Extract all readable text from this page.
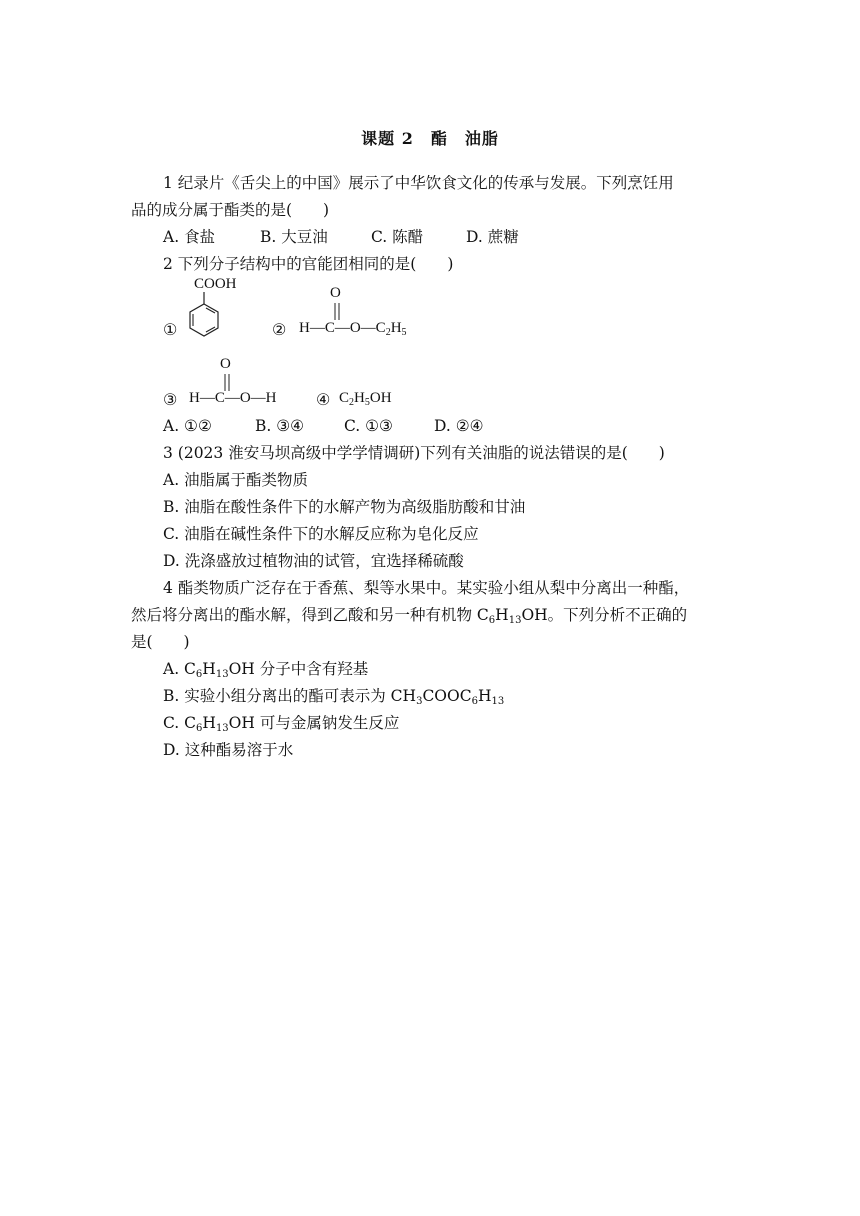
课题 2　酯　油脂
1 纪录片《舌尖上的中国》展示了中华饮食文化的传承与发展。下列烹饪用
品的成分属于酯类的是(　　)
A. 食盐	B. 大豆油	C. 陈醋	D. 蔗糖
2 下列分子结构中的官能团相同的是(　　)
①
COOH
②
O
$H—C—O—C_2H_5$
O
③ H—C—O—H ④ $C_2H_5OH$
A. ①②	B. ③④	C. ①③	D. ②④
3 (2023 淮安马坝高级中学学情调研)下列有关油脂的说法错误的是(　　)
A. 油脂属于酯类物质
B. 油脂在酸性条件下的水解产物为高级脂肪酸和甘油
C. 油脂在碱性条件下的水解反应称为皂化反应
D. 洗涤盛放过植物油的试管，宜选择稀硫酸
4 酯类物质广泛存在于香蕉、梨等水果中。某实验小组从梨中分离出一种酯，
然后将分离出的酯水解，得到乙酸和另一种有机物 $C_6H_{13}OH$。下列分析不正确的
是(　　)
A. $C_6H_{13}OH$ 分子中含有羟基
B. 实验小组分离出的酯可表示为 $CH_3COOC_6H_{13}$
C. $C_6H_{13}OH$ 可与金属钠发生反应
D. 这种酯易溶于水
